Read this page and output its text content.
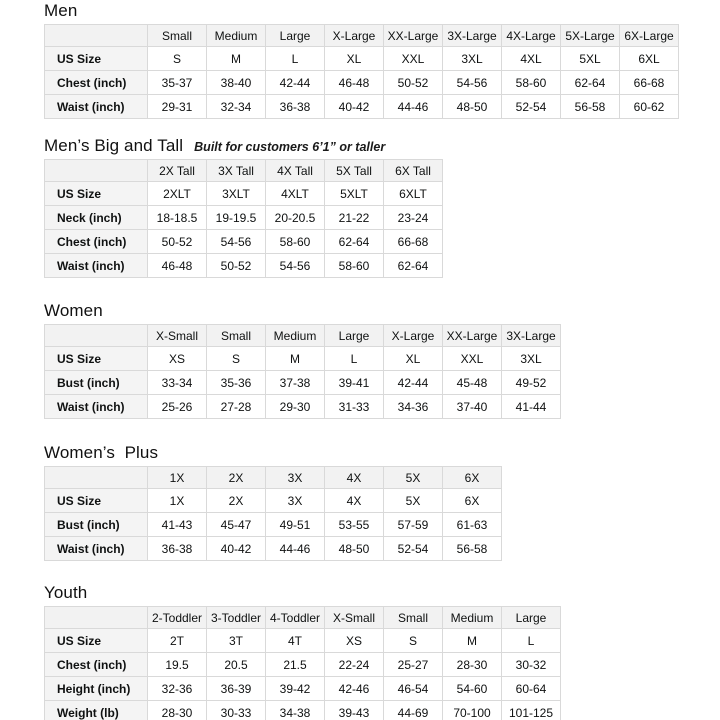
Men
	Small	Medium	Large	X-Large	XX-Large	3X-Large	4X-Large	5X-Large	6X-Large
US Size	S	M	L	XL	XXL	3XL	4XL	5XL	6XL
Chest (inch)	35-37	38-40	42-44	46-48	50-52	54-56	58-60	62-64	66-68
Waist (inch)	29-31	32-34	36-38	40-42	44-46	48-50	52-54	56-58	60-62
Men’s Big and Tall Built for customers 6’1” or taller
	2X Tall	3X Tall	4X Tall	5X Tall	6X Tall
US Size	2XLT	3XLT	4XLT	5XLT	6XLT
Neck (inch)	18-18.5	19-19.5	20-20.5	21-22	23-24
Chest (inch)	50-52	54-56	58-60	62-64	66-68
Waist (inch)	46-48	50-52	54-56	58-60	62-64
Women
	X-Small	Small	Medium	Large	X-Large	XX-Large	3X-Large
US Size	XS	S	M	L	XL	XXL	3XL
Bust (inch)	33-34	35-36	37-38	39-41	42-44	45-48	49-52
Waist (inch)	25-26	27-28	29-30	31-33	34-36	37-40	41-44
Women’s  Plus
	1X	2X	3X	4X	5X	6X
US Size	1X	2X	3X	4X	5X	6X
Bust (inch)	41-43	45-47	49-51	53-55	57-59	61-63
Waist (inch)	36-38	40-42	44-46	48-50	52-54	56-58
Youth
	2-Toddler	3-Toddler	4-Toddler	X-Small	Small	Medium	Large
US Size	2T	3T	4T	XS	S	M	L
Chest (inch)	19.5	20.5	21.5	22-24	25-27	28-30	30-32
Height (inch)	32-36	36-39	39-42	42-46	46-54	54-60	60-64
Weight (lb)	28-30	30-33	34-38	39-43	44-69	70-100	101-125
